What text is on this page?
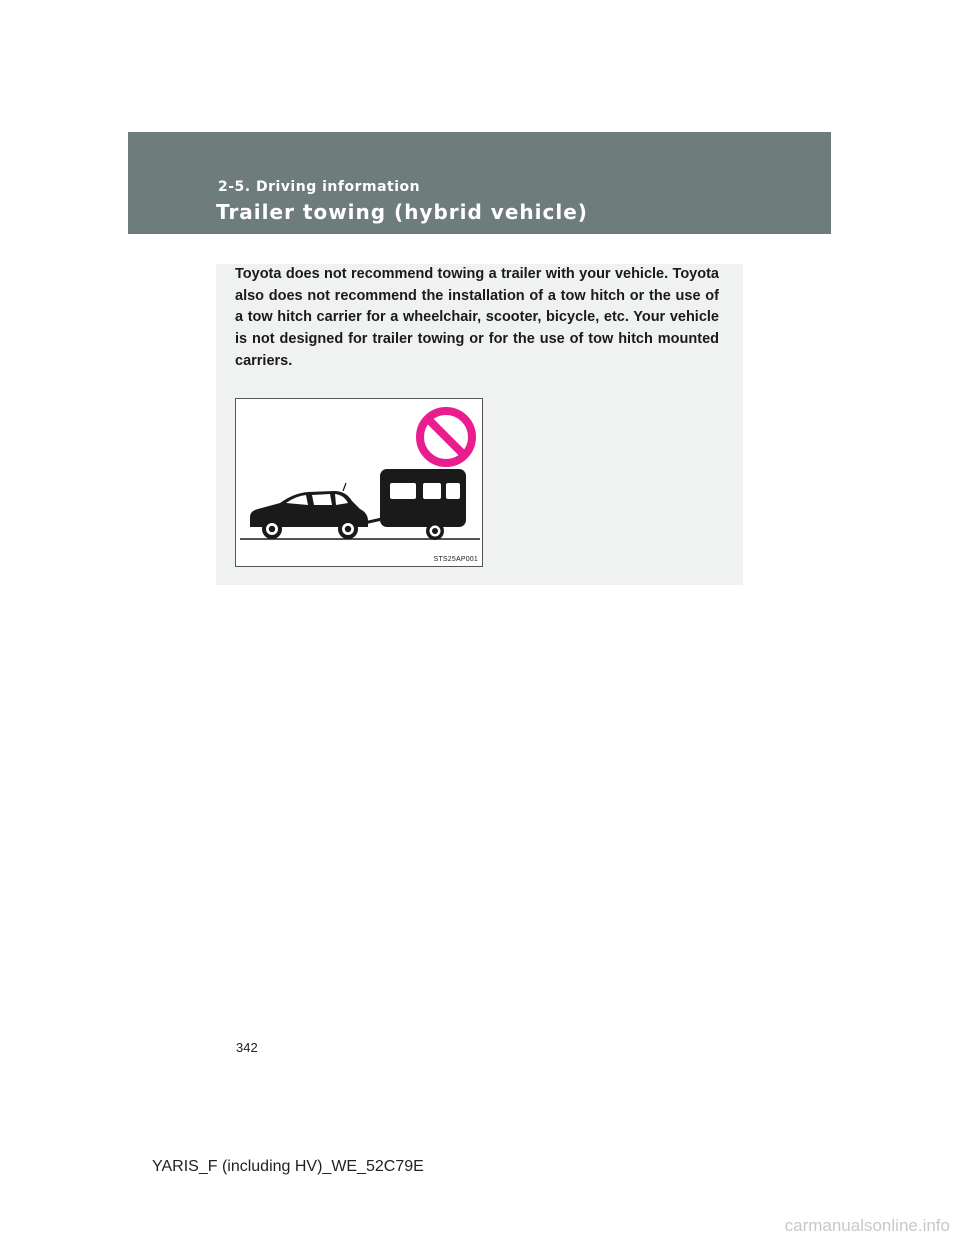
2-5. Driving information
Trailer towing (hybrid vehicle)
Toyota does not recommend towing a trailer with your vehicle. Toyota also does not recommend the installation of a tow hitch or the use of a tow hitch carrier for a wheelchair, scooter, bicycle, etc. Your vehicle is not designed for trailer towing or for the use of tow hitch mounted carriers.
STS25AP001
342
YARIS_F (including HV)_WE_52C79E
carmanualsonline.info
